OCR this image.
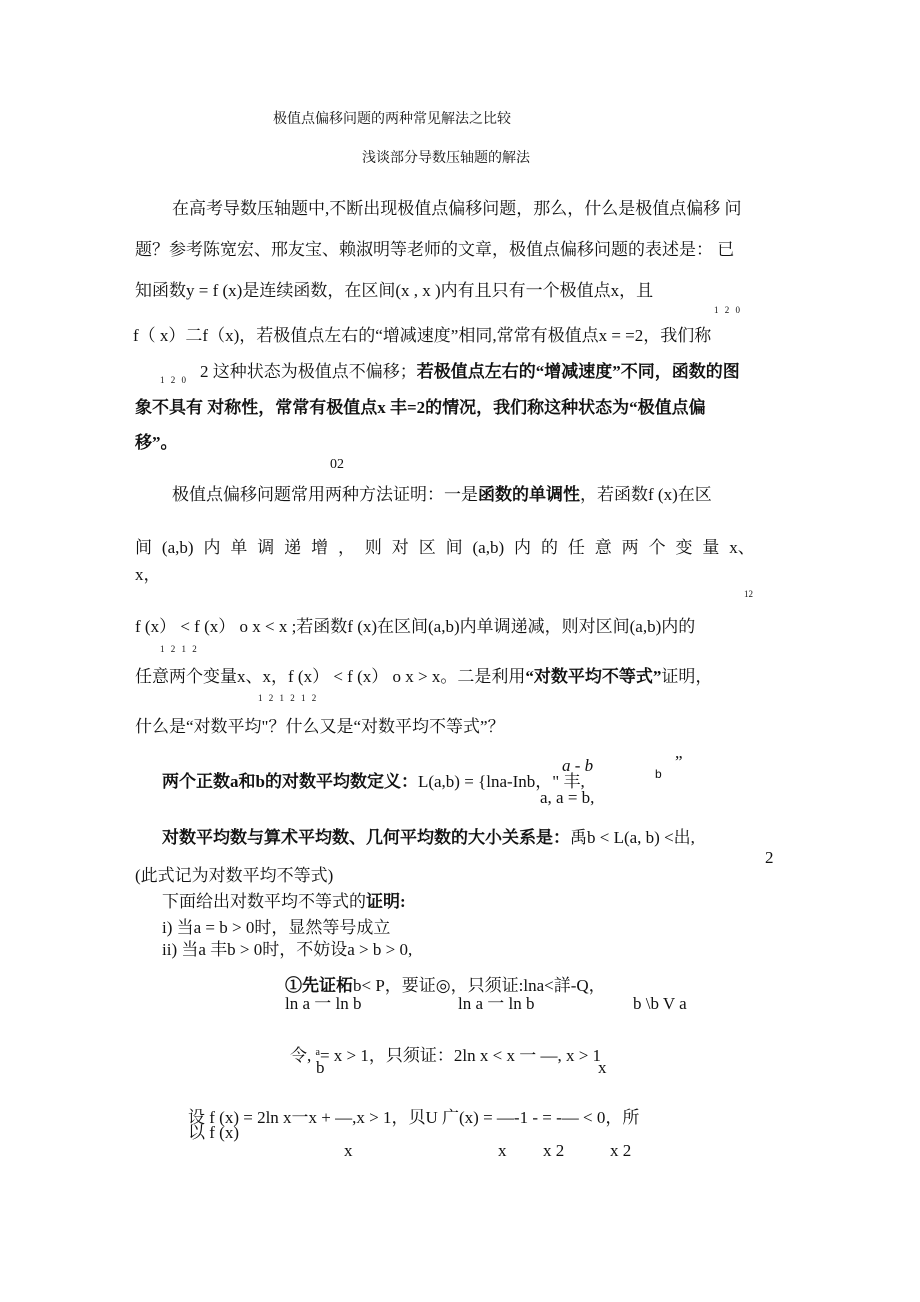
极值点偏移问题的两种常见解法之比较
浅谈部分导数压轴题的解法
在高考导数压轴题中,不断出现极值点偏移问题，那么，什么是极值点偏移 问
题？参考陈宽宏、邢友宝、赖淑明等老师的文章，极值点偏移问题的表述是： 已
知函数y = f (x)是连续函数，在区间(x , x )内有且只有一个极值点x，且
1 2 0
f（ x）二f（x)，若极值点左右的“增减速度”相同,常常有极值点x = =2，我们称
1 2 0 2 这种状态为极值点不偏移；若极值点左右的“增减速度”不同，函数的图
象不具有 对称性，常常有极值点x 丰=2的情况，我们称这种状态为“极值点偏
移”。
02
极值点偏移问题常用两种方法证明：一是函数的单调性，若函数f (x)在区
间 (a,b) 内 单 调 递 增 ， 则 对 区 间 (a,b) 内 的 任 意 两 个 变 量 x、
x，
12
f (x） < f (x） o x < x ;若函数f (x)在区间(a,b)内单调递减，则对区间(a,b)内的
1 2 1 2
任意两个变量x、x，f (x） < f (x） o x > x。二是利用“对数平均不等式”证明，
1 2 1 2 1 2
什么是“对数平均"？什么又是“对数平均不等式”？
a - b	”
b
两个正数a和b的对数平均数定义：L(a,b) = {lna-Inb，" 丰,
a, a = b,
对数平均数与算术平均数、几何平均数的大小关系是：禹b < L(a, b) <出,
2
(此式记为对数平均不等式)
下面给出对数平均不等式的证明:
i) 当a = b > 0时，显然等号成立
ii) 当a 丰b > 0时，不妨设a > b > 0,
①先证柘b< P，要证◎，只须证:lna<詳-Q，
ln a 一 ln b	ln a 一 ln b	b \b V a
令, $^a$= x > 1，只须证：2ln x < x 一 —, x > 1
b	x
设 f (x) = 2ln x一x + —,x > 1，贝U 广(x) = —-1 - = -— < 0，所
以 f (x)
x	x x 2	x 2
